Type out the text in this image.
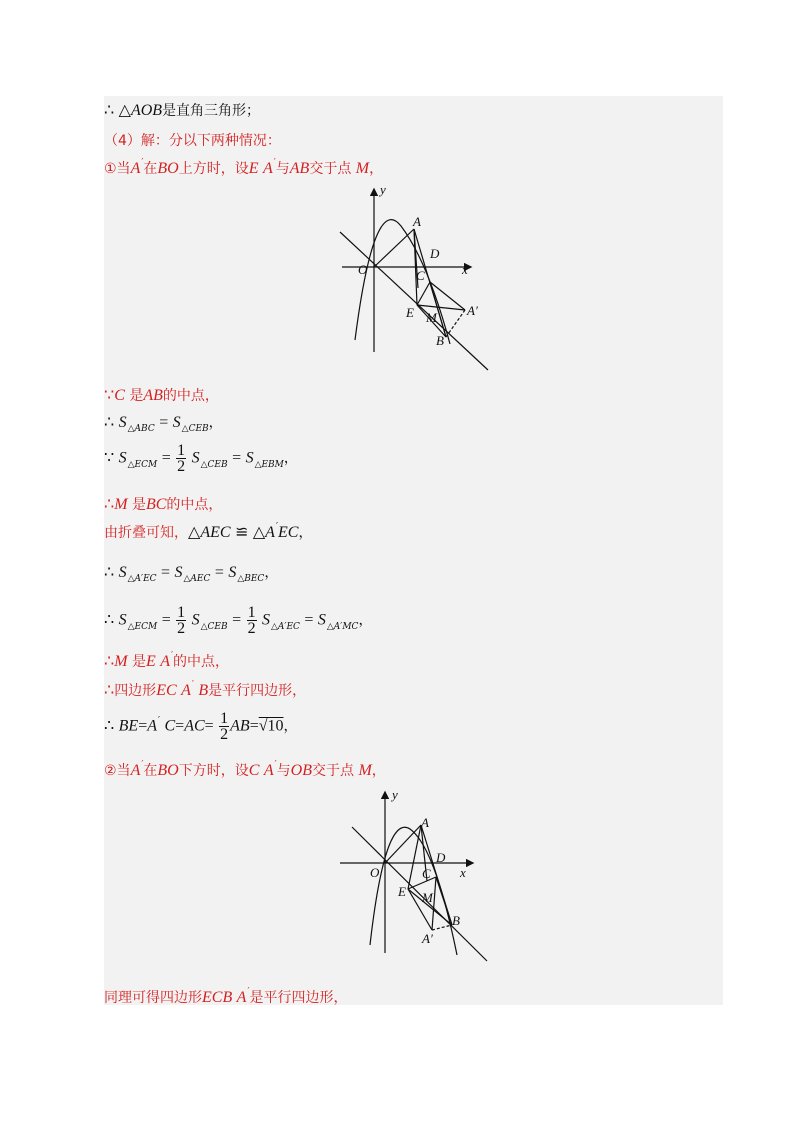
∴ △AOB是直角三角形；
（4）解：分以下两种情况：
①当A′在BO上方时，设E A′与AB交于点 M，
y
x
O
A
D
C
E M A′
B
∵C 是AB的中点，
∴ $S_{\triangle ABC} = S_{\triangle CEB}$，
∵ $S_{\triangle ECM} = \frac{1}{2} S_{\triangle CEB} = S_{\triangle EBM}$，
∴M 是BC的中点，
由折叠可知，△AEC ≌ △A′EC，
∴ $S_{\triangle A'EC} = S_{\triangle AEC} = S_{\triangle BEC}$，
∴ $S_{\triangle ECM} = \frac{1}{2} S_{\triangle CEB} = \frac{1}{2} S_{\triangle A'EC} = S_{\triangle A'MC}$，
∴M 是E A′的中点，
∴四边形EC A′ B是平行四边形，
∴ BE=A′ $C=AC= \frac{1}{2} AB=√10$，
②当A′在BO下方时，设C A′与OB交于点 M，
y
x
O
A
D
C
E M
A′
B
同理可得四边形ECB A′是平行四边形，
